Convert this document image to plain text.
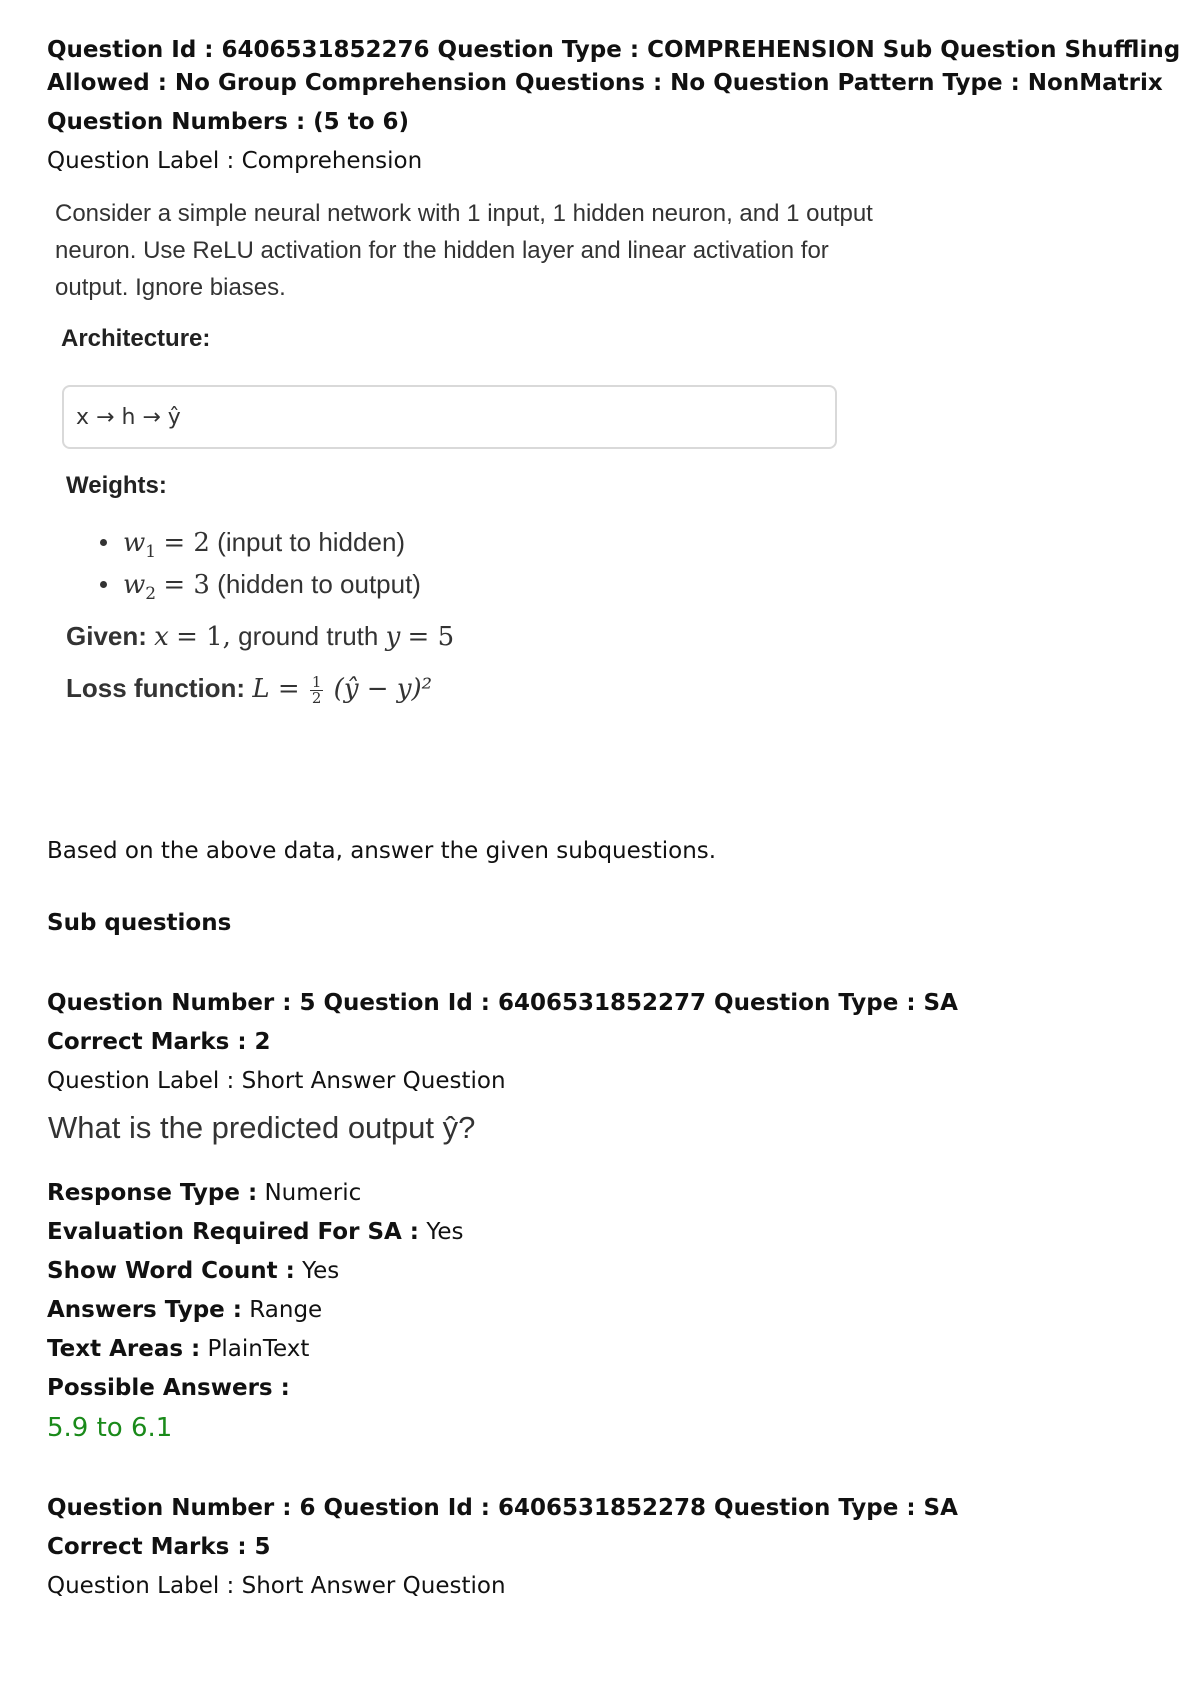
Question Id : 6406531852276 Question Type : COMPREHENSION Sub Question Shuffling
Allowed : No Group Comprehension Questions : No Question Pattern Type : NonMatrix
Question Numbers : (5 to 6)
Question Label : Comprehension
Consider a simple neural network with 1 input, 1 hidden neuron, and 1 output
neuron. Use ReLU activation for the hidden layer and linear activation for
output. Ignore biases.
Architecture:
x → h → ŷ
Weights:
$w_1 = 2$ (input to hidden)
$w_2 = 3$ (hidden to output)
Given: x = 1, ground truth y = 5
Loss function: $L = \frac{1}{2}$ (ŷ − y)²
Based on the above data, answer the given subquestions.
Sub questions
Question Number : 5 Question Id : 6406531852277 Question Type : SA
Correct Marks : 2
Question Label : Short Answer Question
What is the predicted output ŷ?
Response Type : Numeric
Evaluation Required For SA : Yes
Show Word Count : Yes
Answers Type : Range
Text Areas : PlainText
Possible Answers :
5.9 to 6.1
Question Number : 6 Question Id : 6406531852278 Question Type : SA
Correct Marks : 5
Question Label : Short Answer Question
